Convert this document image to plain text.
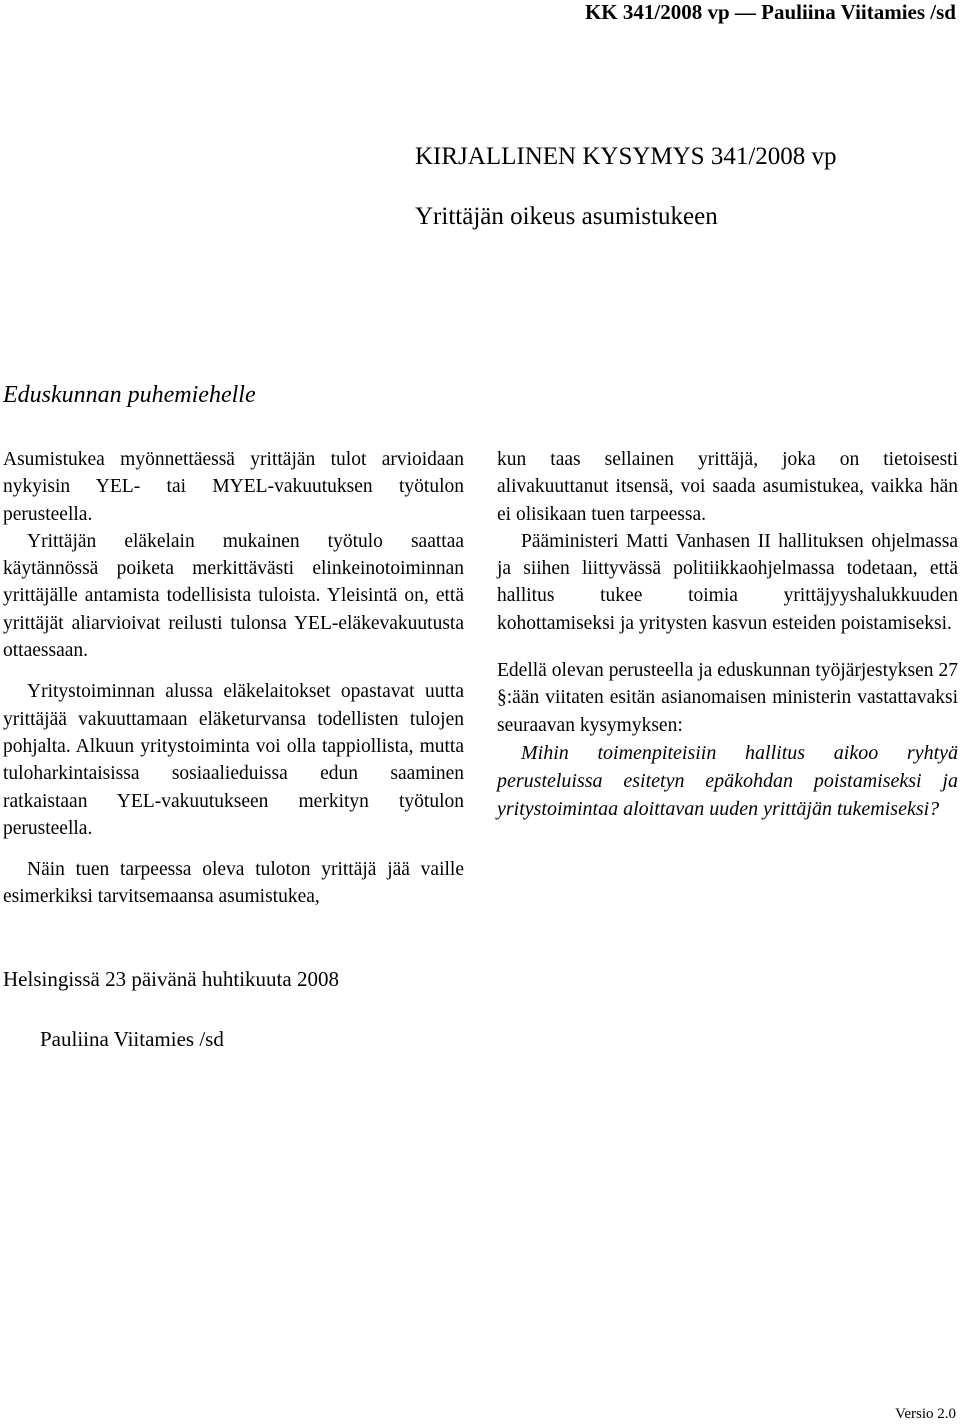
KK 341/2008 vp — Pauliina Viitamies /sd
KIRJALLINEN KYSYMYS 341/2008 vp
Yrittäjän oikeus asumistukeen
Eduskunnan puhemiehelle

Asumistukea myönnettäessä yrittäjän tulot arvioidaan nykyisin YEL- tai MYEL-vakuutuksen työtulon perusteella.

Yrittäjän eläkelain mukainen työtulo saattaa käytännössä poiketa merkittävästi elinkeinotoiminnan yrittäjälle antamista todellisista tuloista. Yleisintä on, että yrittäjät aliarvioivat reilusti tulonsa YEL-eläkevakuutusta ottaessaan.

Yritystoiminnan alussa eläkelaitokset opastavat uutta yrittäjää vakuuttamaan eläketurvansa todellisten tulojen pohjalta. Alkuun yritystoiminta voi olla tappiollista, mutta tuloharkintaisissa sosiaalieduissa edun saaminen ratkaistaan YEL-vakuutukseen merkityn työtulon perusteella.

Näin tuen tarpeessa oleva tuloton yrittäjä jää vaille esimerkiksi tarvitsemaansa asumistukea,

kun taas sellainen yrittäjä, joka on tietoisesti alivakuuttanut itsensä, voi saada asumistukea, vaikka hän ei olisikaan tuen tarpeessa.

Pääministeri Matti Vanhasen II hallituksen ohjelmassa ja siihen liittyvässä politiikkaohjelmassa todetaan, että hallitus tukee toimia yrittäjyyshalukkuuden kohottamiseksi ja yritysten kasvun esteiden poistamiseksi.

Edellä olevan perusteella ja eduskunnan työjärjestyksen 27 §:ään viitaten esitän asianomaisen ministerin vastattavaksi seuraavan kysymyksen:

Mihin toimenpiteisiin hallitus aikoo ryhtyä perusteluissa esitetyn epäkohdan poistamiseksi ja yritystoimintaa aloittavan uuden yrittäjän tukemiseksi?

Helsingissä 23 päivänä huhtikuuta 2008
Pauliina Viitamies /sd
Versio 2.0
